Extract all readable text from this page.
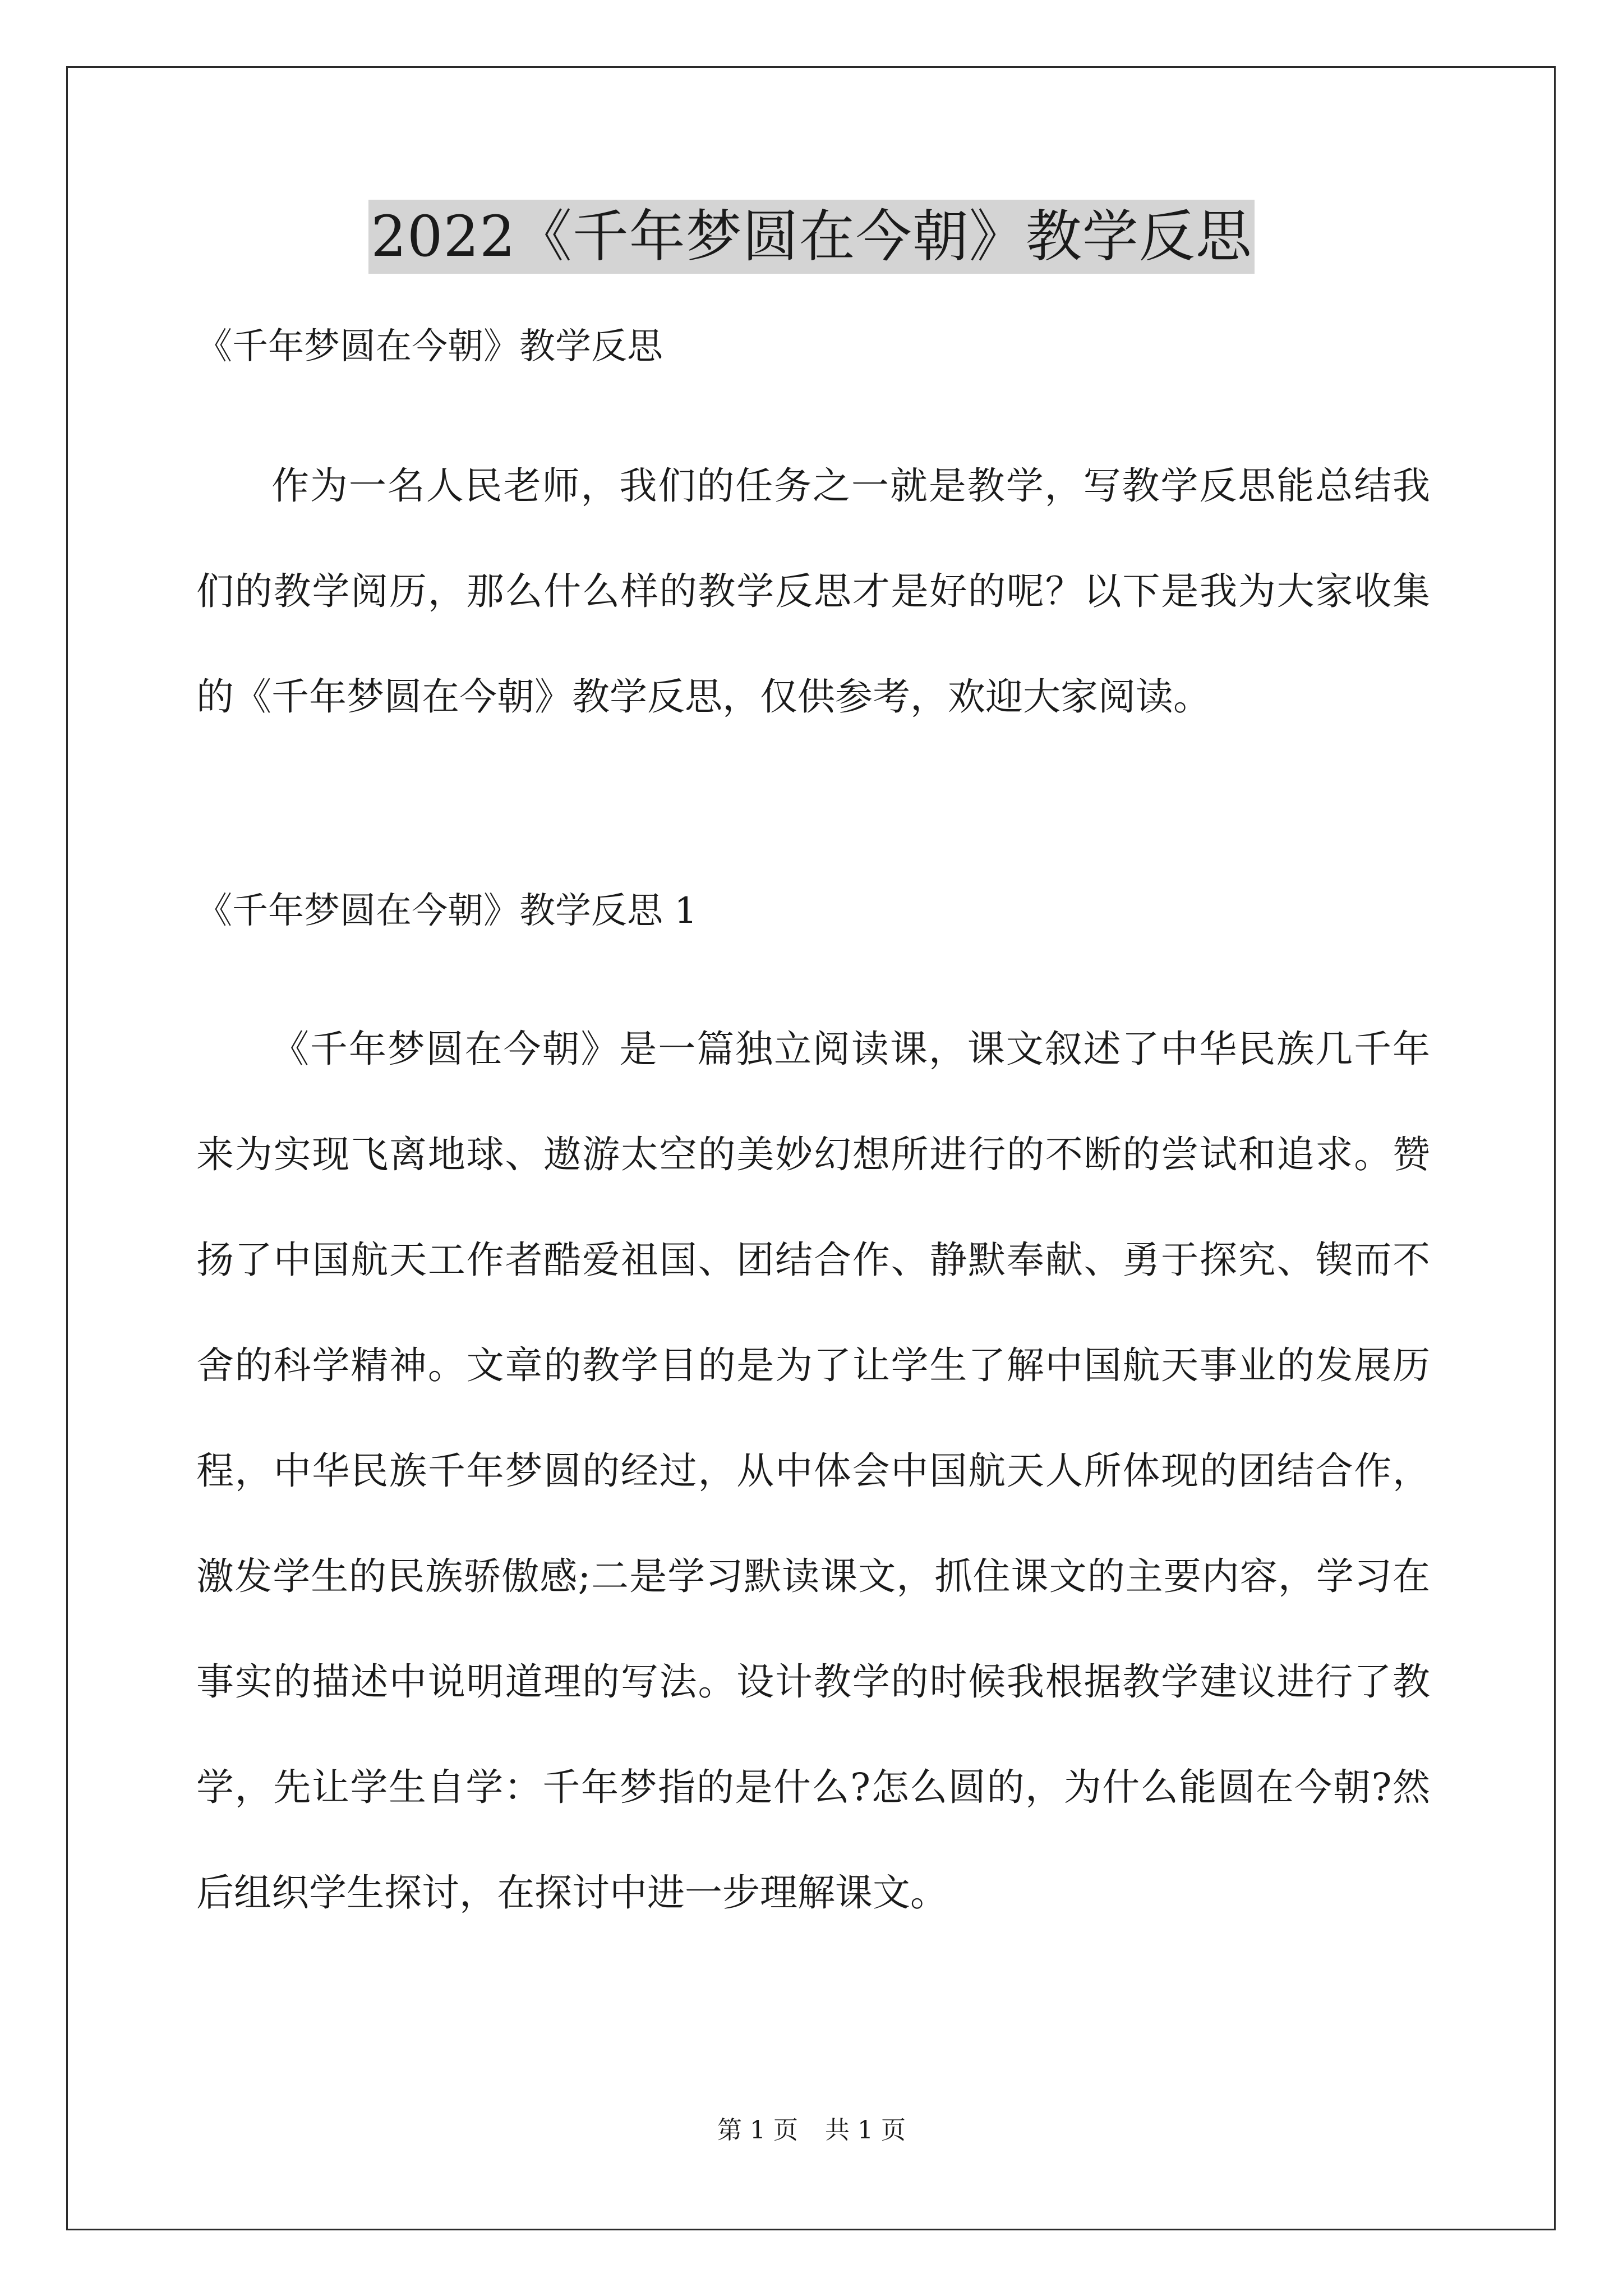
2022《千年梦圆在今朝》教学反思
《千年梦圆在今朝》教学反思

作为一名人民老师，我们的任务之一就是教学，写教学反思能总结我们的教学阅历，那么什么样的教学反思才是好的呢？以下是我为大家收集的《千年梦圆在今朝》教学反思，仅供参考，欢迎大家阅读。

《千年梦圆在今朝》教学反思 1

《千年梦圆在今朝》是一篇独立阅读课，课文叙述了中华民族几千年来为实现飞离地球、遨游太空的美妙幻想所进行的不断的尝试和追求。赞扬了中国航天工作者酷爱祖国、团结合作、静默奉献、勇于探究、锲而不舍的科学精神。文章的教学目的是为了让学生了解中国航天事业的发展历程，中华民族千年梦圆的经过，从中体会中国航天人所体现的团结合作，激发学生的民族骄傲感;二是学习默读课文，抓住课文的主要内容，学习在事实的描述中说明道理的写法。设计教学的时候我根据教学建议进行了教学，先让学生自学：千年梦指的是什么?怎么圆的，为什么能圆在今朝?然后组织学生探讨，在探讨中进一步理解课文。

第 1 页 共 1 页
